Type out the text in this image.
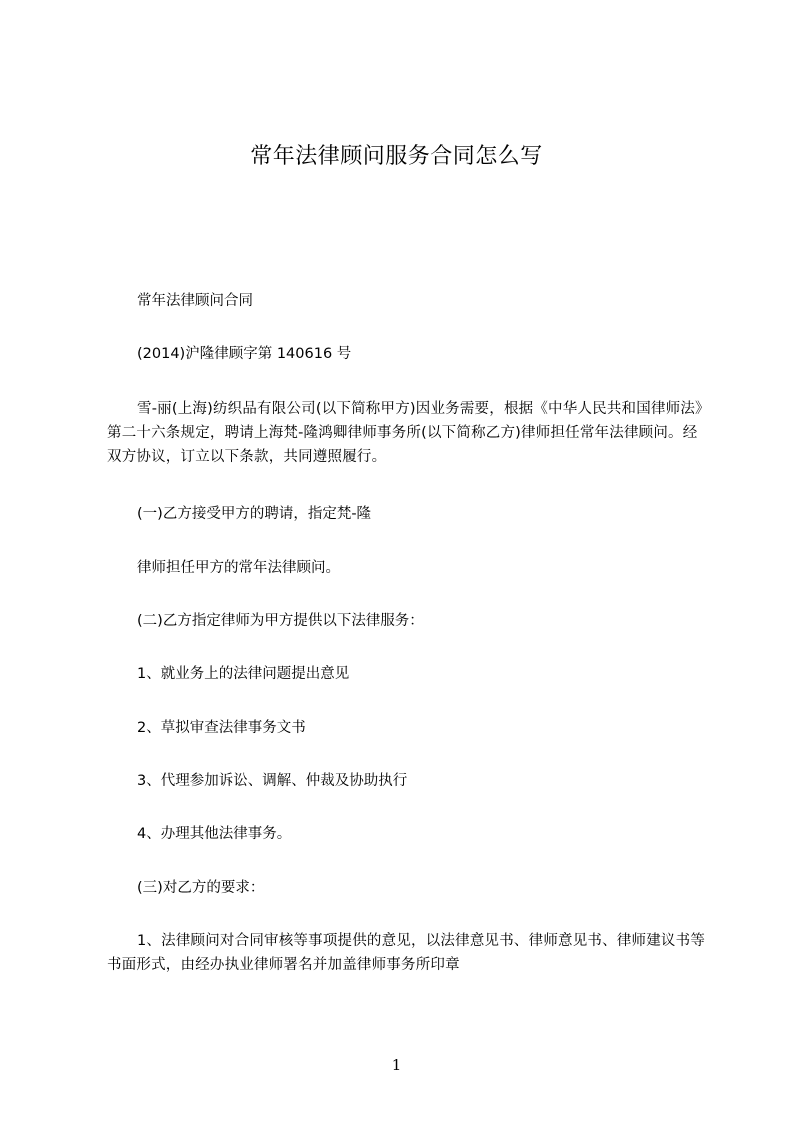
常年法律顾问服务合同怎么写

常年法律顾问合同

(2014)沪隆律顾字第 140616 号

雪-丽(上海)纺织品有限公司(以下简称甲方)因业务需要，根据《中华人民共和国律师法》第二十六条规定，聘请上海梵-隆鸿卿律师事务所(以下简称乙方)律师担任常年法律顾问。经双方协议，订立以下条款，共同遵照履行。

(一)乙方接受甲方的聘请，指定梵-隆

律师担任甲方的常年法律顾问。

(二)乙方指定律师为甲方提供以下法律服务：

1、就业务上的法律问题提出意见

2、草拟审查法律事务文书

3、代理参加诉讼、调解、仲裁及协助执行

4、办理其他法律事务。

(三)对乙方的要求：

1、法律顾问对合同审核等事项提供的意见，以法律意见书、律师意见书、律师建议书等书面形式，由经办执业律师署名并加盖律师事务所印章

1
